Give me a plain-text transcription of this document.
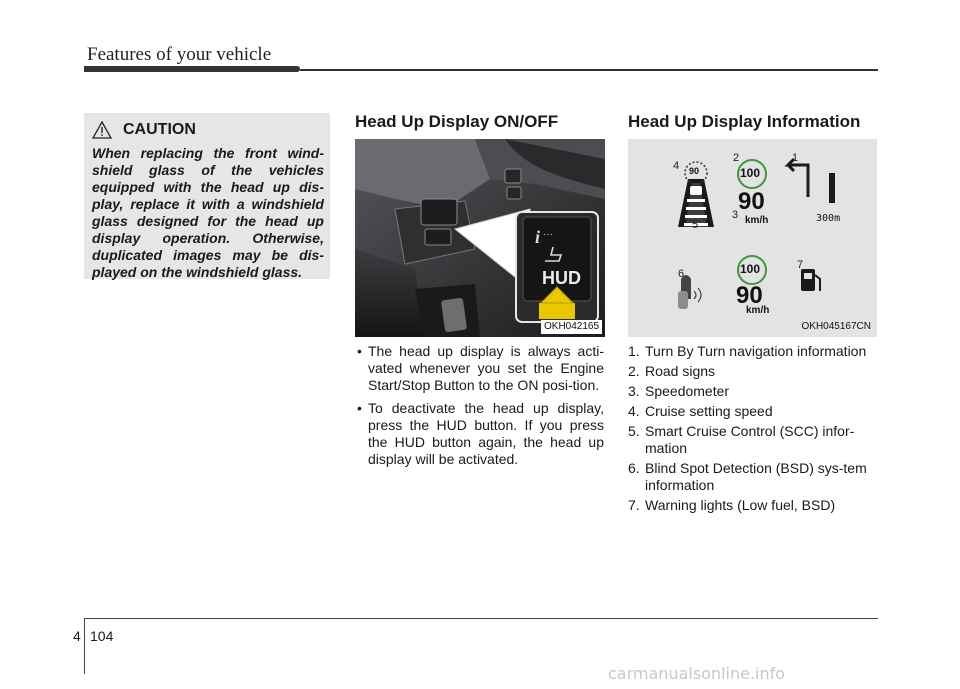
Features of your vehicle
CAUTION
When replacing the front wind-shield glass of the vehicles equipped with the head up dis-play, replace it with a windshield glass designed for the head up display operation. Otherwise, duplicated images may be dis-played on the windshield glass.
Head Up Display ON/OFF
i ···
HUD
OKH042165
• The head up display is always acti-vated whenever you set the Engine Start/Stop Button to the ON posi-tion.
• To deactivate the head up display, press the HUD button. If you press the HUD button again, the head up display will be activated.
Head Up Display Information
90	100
90
km/h	300m
100
90
km/h
1
2
3
4
5
6
7
OKH045167CN
1. Turn By Turn navigation information
2. Road signs
3. Speedometer
4. Cruise setting speed
5. Smart Cruise Control (SCC) infor-mation
6. Blind Spot Detection (BSD) sys-tem information
7. Warning lights (Low fuel, BSD)
4 104
carmanualsonline.info
